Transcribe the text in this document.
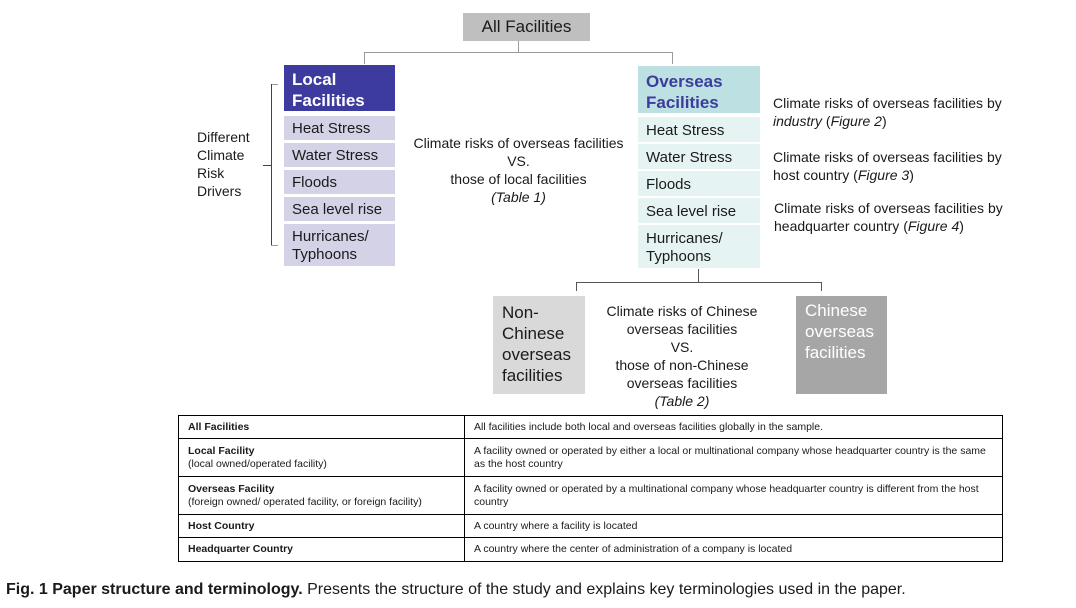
All Facilities
Different
Climate
Risk
Drivers
Local
Facilities
Heat Stress
Water Stress
Floods
Sea level rise
Hurricanes/
Typhoons
Climate risks of overseas facilities
VS.
those of local facilities
(Table 1)
Overseas
Facilities
Heat Stress
Water Stress
Floods
Sea level rise
Hurricanes/
Typhoons
Climate risks of overseas facilities by
industry (Figure 2)
Climate risks of overseas facilities by
host country (Figure 3)
Climate risks of overseas facilities by
headquarter country (Figure 4)
Non-
Chinese
overseas
facilities
Climate risks of Chinese
overseas facilities
VS.
those of non-Chinese
overseas facilities
(Table 2)
Chinese
overseas
facilities
All Facilities	All facilities include both local and overseas facilities globally in the sample.
Local Facility
(local owned/operated facility)	A facility owned or operated by either a local or multinational company whose headquarter country is the same as the host country
Overseas Facility
(foreign owned/ operated facility, or foreign facility)	A facility owned or operated by a multinational company whose headquarter country is different from the host country
Host Country	A country where a facility is located
Headquarter Country	A country where the center of administration of a company is located
Fig. 1 Paper structure and terminology. Presents the structure of the study and explains key terminologies used in the paper.
